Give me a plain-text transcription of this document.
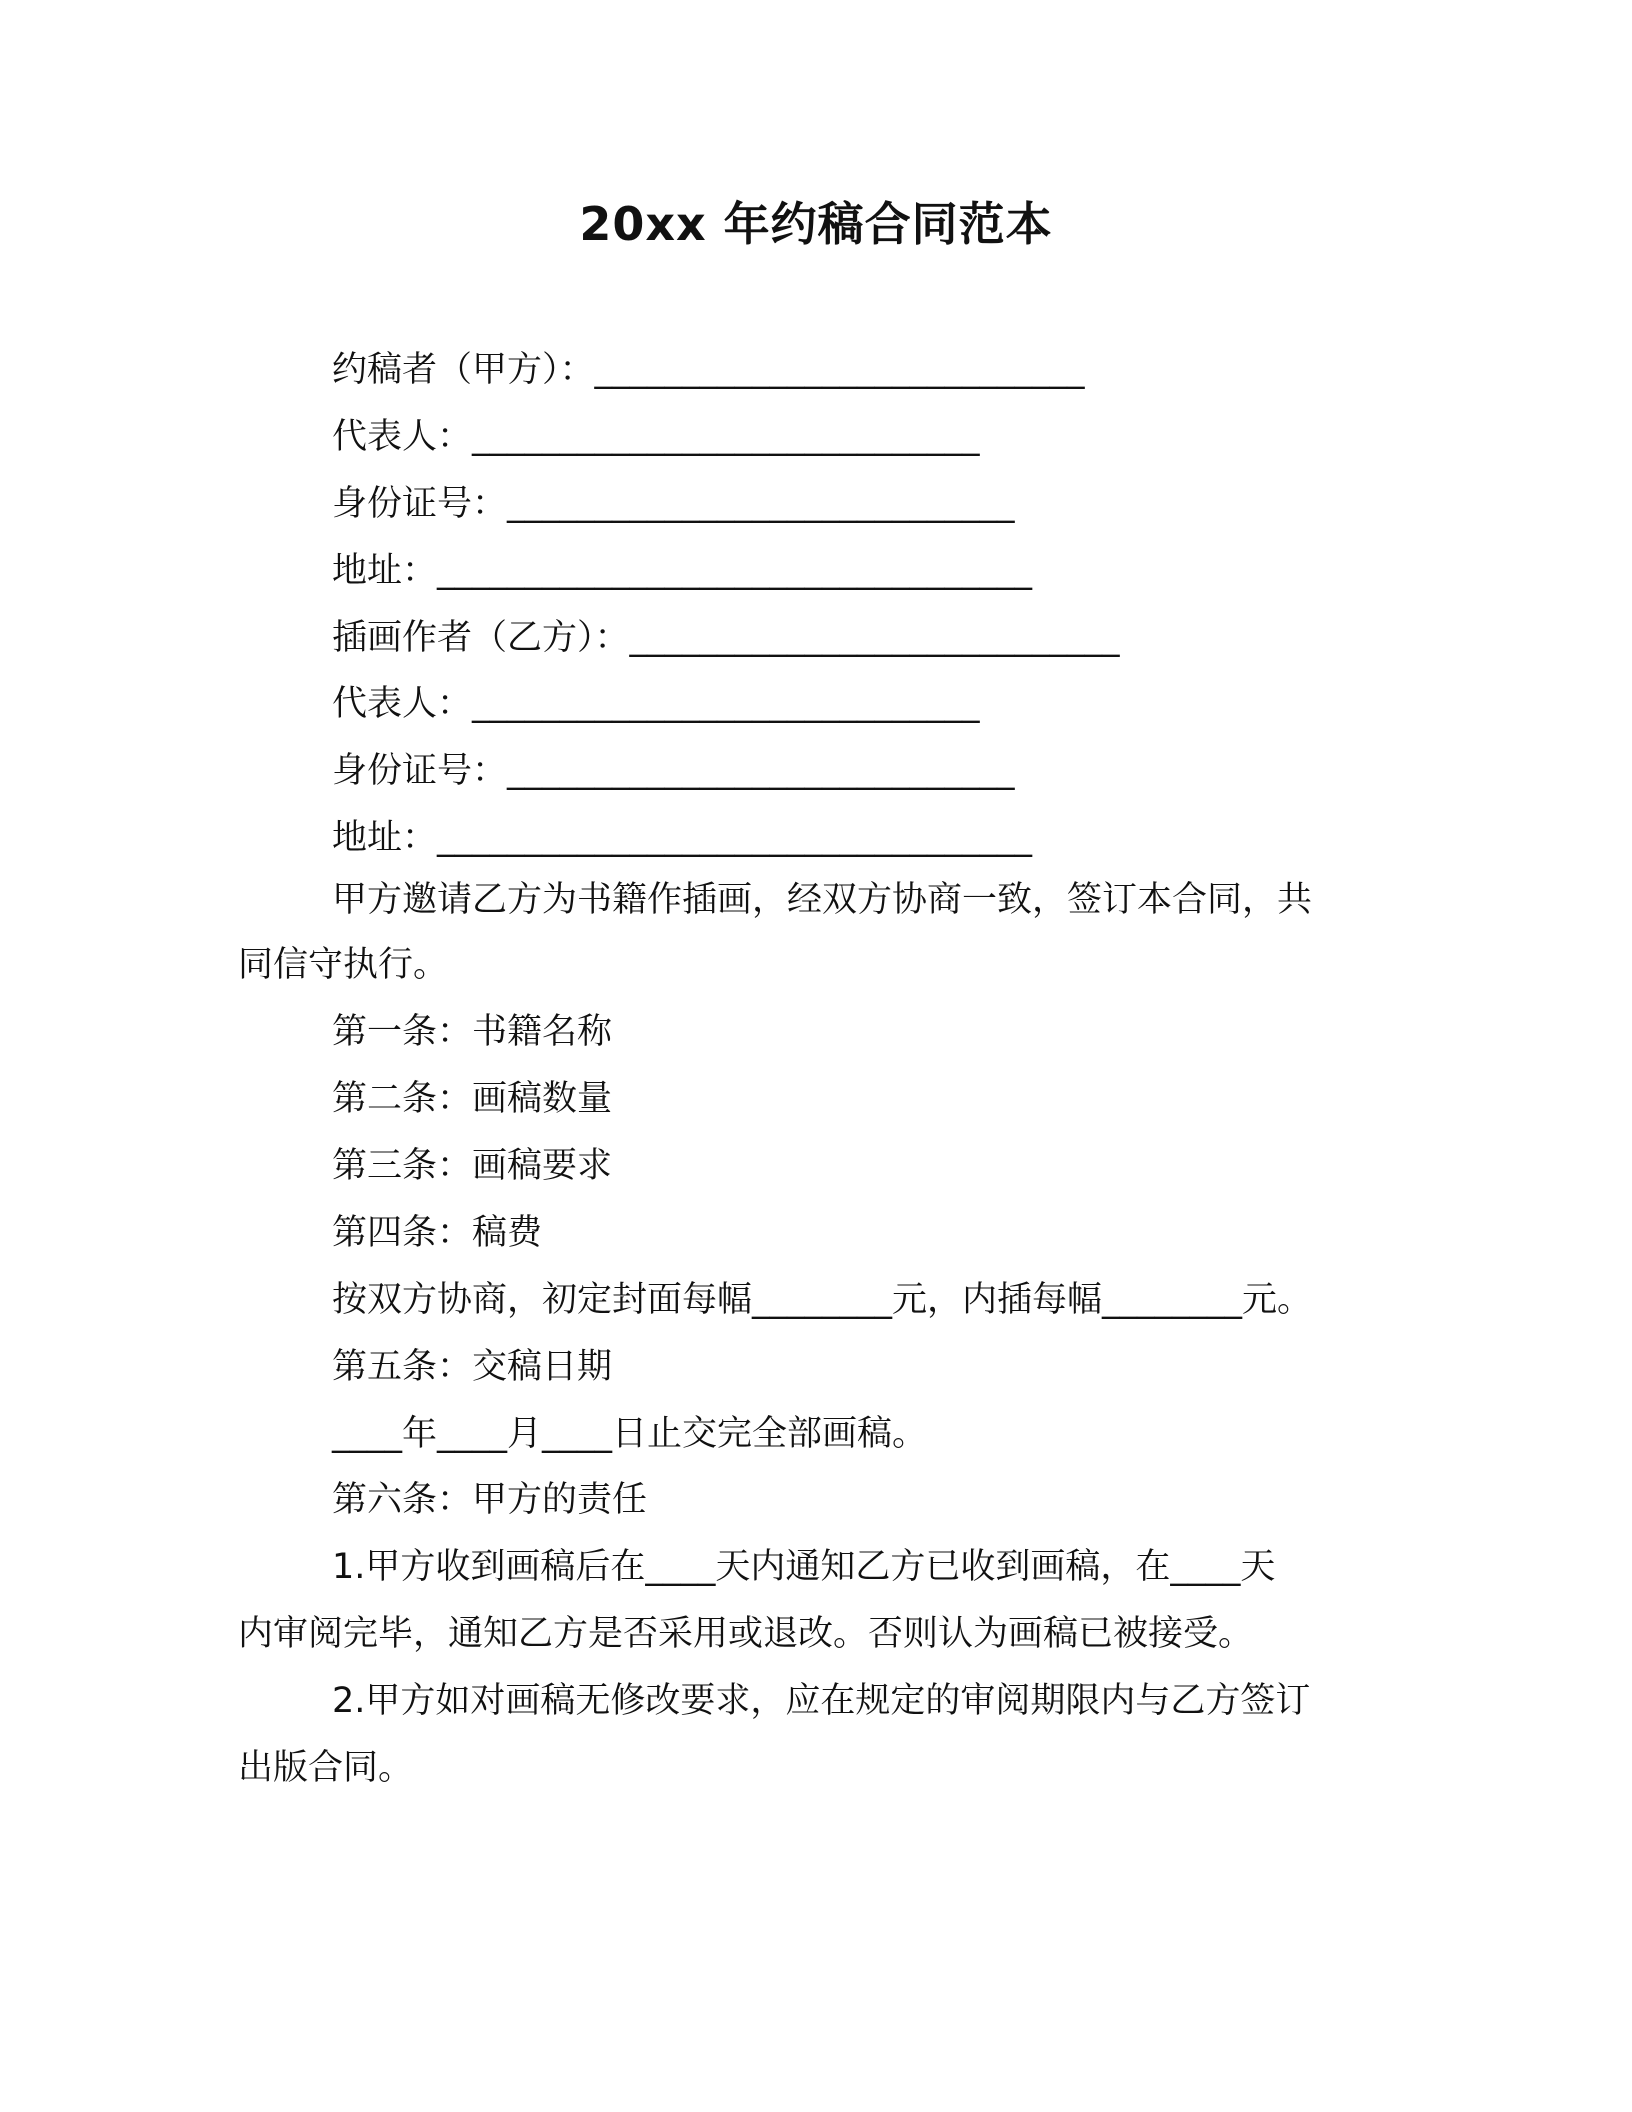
20xx 年约稿合同范本
约稿者（甲方）：____________________________
代表人：_____________________________
身份证号：_____________________________
地址：__________________________________
插画作者（乙方）：____________________________
代表人：_____________________________
身份证号：_____________________________
地址：__________________________________
甲方邀请乙方为书籍作插画，经双方协商一致，签订本合同，共
同信守执行。
第一条：书籍名称
第二条：画稿数量
第三条：画稿要求
第四条：稿费
按双方协商，初定封面每幅________元，内插每幅________元。
第五条：交稿日期
____年____月____日止交完全部画稿。
第六条：甲方的责任
1.甲方收到画稿后在____天内通知乙方已收到画稿，在____天
内审阅完毕，通知乙方是否采用或退改。否则认为画稿已被接受。
2.甲方如对画稿无修改要求，应在规定的审阅期限内与乙方签订
出版合同。
